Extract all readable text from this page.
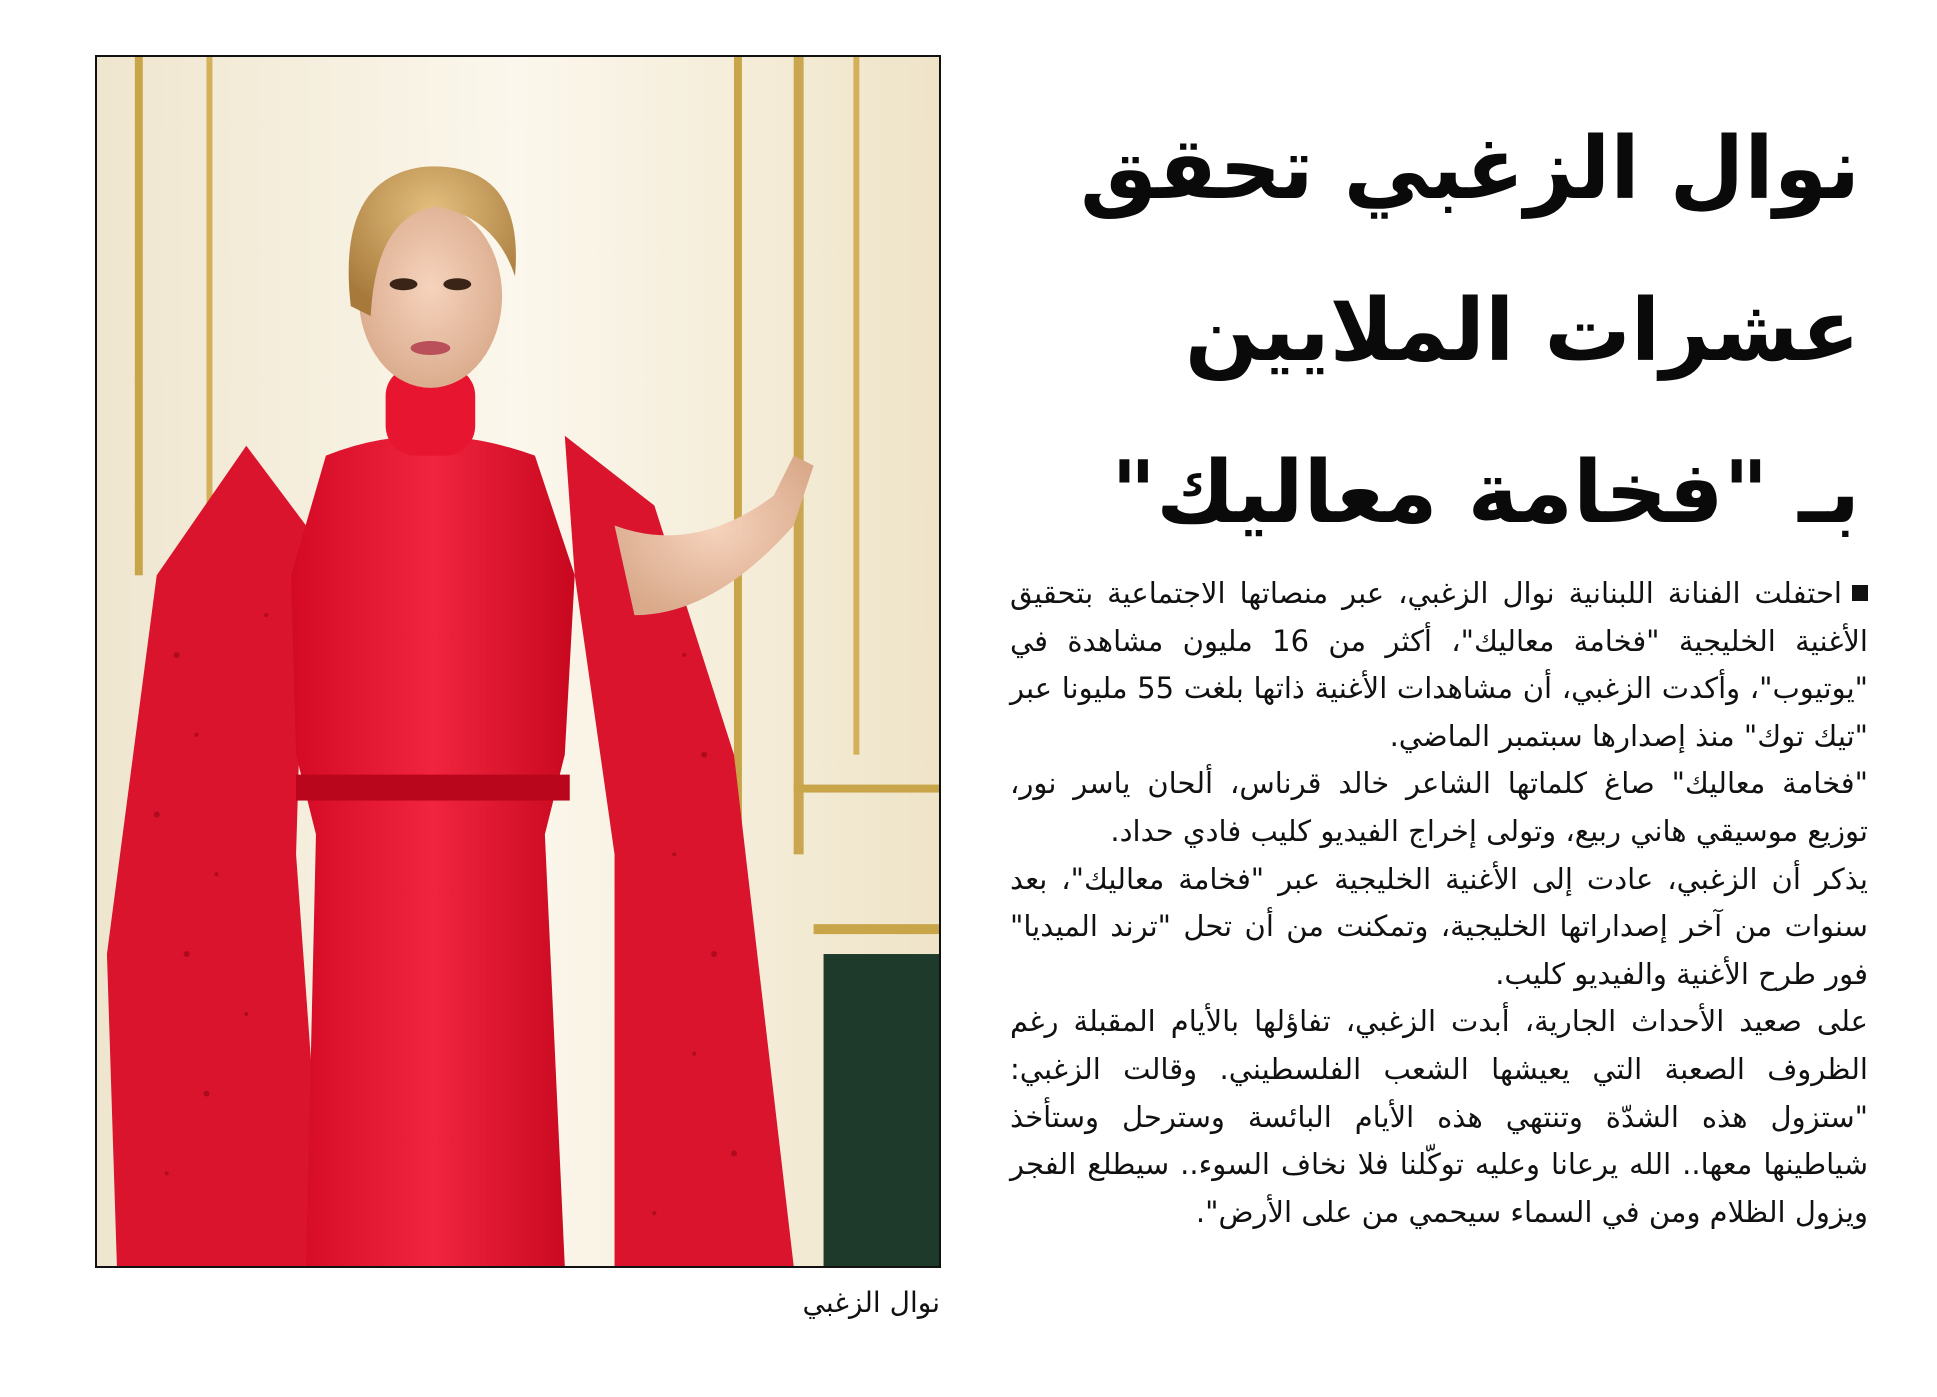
نوال الزغبي
نوال الزغبي تحقق
عشرات الملايين
بـ "فخامة معاليك"

احتفلت الفنانة اللبنانية نوال الزغبي، عبر منصاتها الاجتماعية بتحقيق الأغنية الخليجية "فخامة معاليك"، أكثر من 16 مليون مشاهدة في "يوتيوب"، وأكدت الزغبي، أن مشاهدات الأغنية ذاتها بلغت 55 مليونا عبر "تيك توك" منذ إصدارها سبتمبر الماضي.

"فخامة معاليك" صاغ كلماتها الشاعر خالد قرناس، ألحان ياسر نور، توزيع موسيقي هاني ربيع، وتولى إخراج الفيديو كليب فادي حداد.

يذكر أن الزغبي، عادت إلى الأغنية الخليجية عبر "فخامة معاليك"، بعد سنوات من آخر إصداراتها الخليجية، وتمكنت من أن تحل "ترند الميديا" فور طرح الأغنية والفيديو كليب.

على صعيد الأحداث الجارية، أبدت الزغبي، تفاؤلها بالأيام المقبلة رغم الظروف الصعبة التي يعيشها الشعب الفلسطيني. وقالت الزغبي: "ستزول هذه الشدّة وتنتهي هذه الأيام البائسة وسترحل وستأخذ شياطينها معها.. الله يرعانا وعليه توكّلنا فلا نخاف السوء.. سيطلع الفجر ويزول الظلام ومن في السماء سيحمي من على الأرض".
